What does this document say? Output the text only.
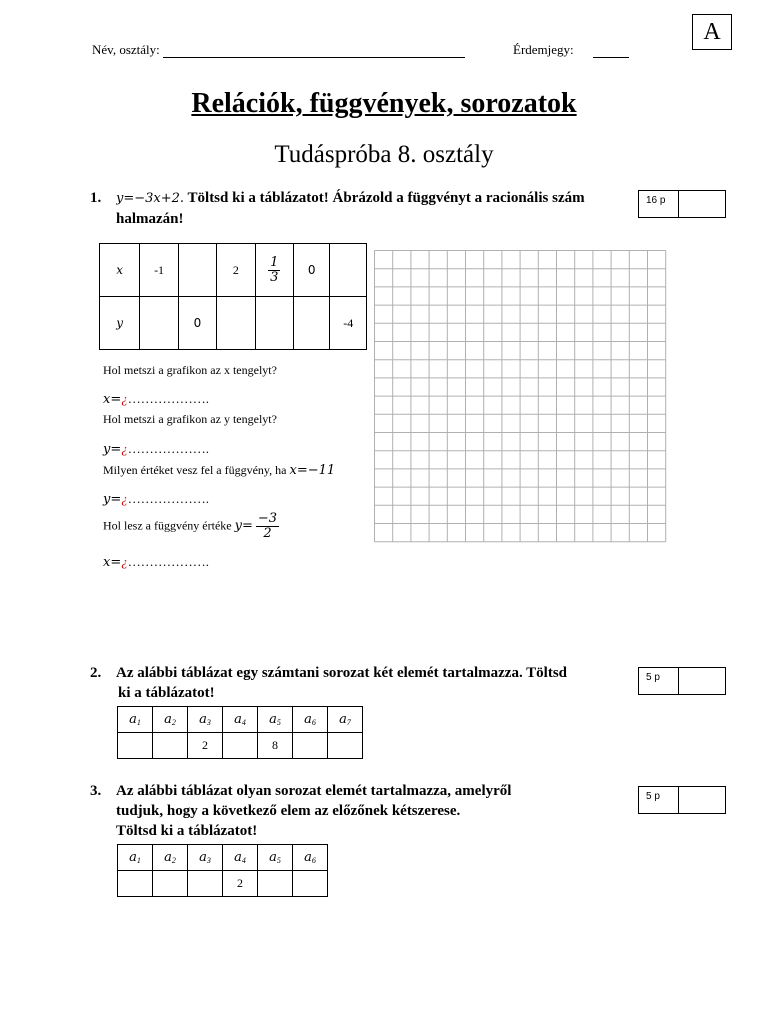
A
Név, osztály:	Érdemjegy:
Relációk, függvények, sorozatok
Tudáspróba 8. osztály
1. y=−3x+2. Töltsd ki a táblázatot! Ábrázold a függvényt a racionális szám
halmazán!
16 p
x	-1		2	$\frac{1}{3}$	0	
y		0				-4
Hol metszi a grafikon az x tengelyt?
x=¿……………….
Hol metszi a grafikon az y tengelyt?
y=¿……………….
Milyen értéket vesz fel a függvény, ha x=−11
y=¿……………….
Hol lesz a függvény értéke $y= \frac{-3}{2}$
x=¿……………….
2. Az alábbi táblázat egy számtani sorozat két elemét tartalmazza. Töltsd
ki a táblázatot!
5 p
$a_1$	$a_2$	$a_3$	$a_4$	$a_5$	$a_6$	$a_7$
		2		8		
3. Az alábbi táblázat olyan sorozat elemét tartalmazza, amelyről
tudjuk, hogy a következő elem az előzőnek kétszerese.
Töltsd ki a táblázatot!
5 p
$a_1$	$a_2$	$a_3$	$a_4$	$a_5$	$a_6$
			2		
